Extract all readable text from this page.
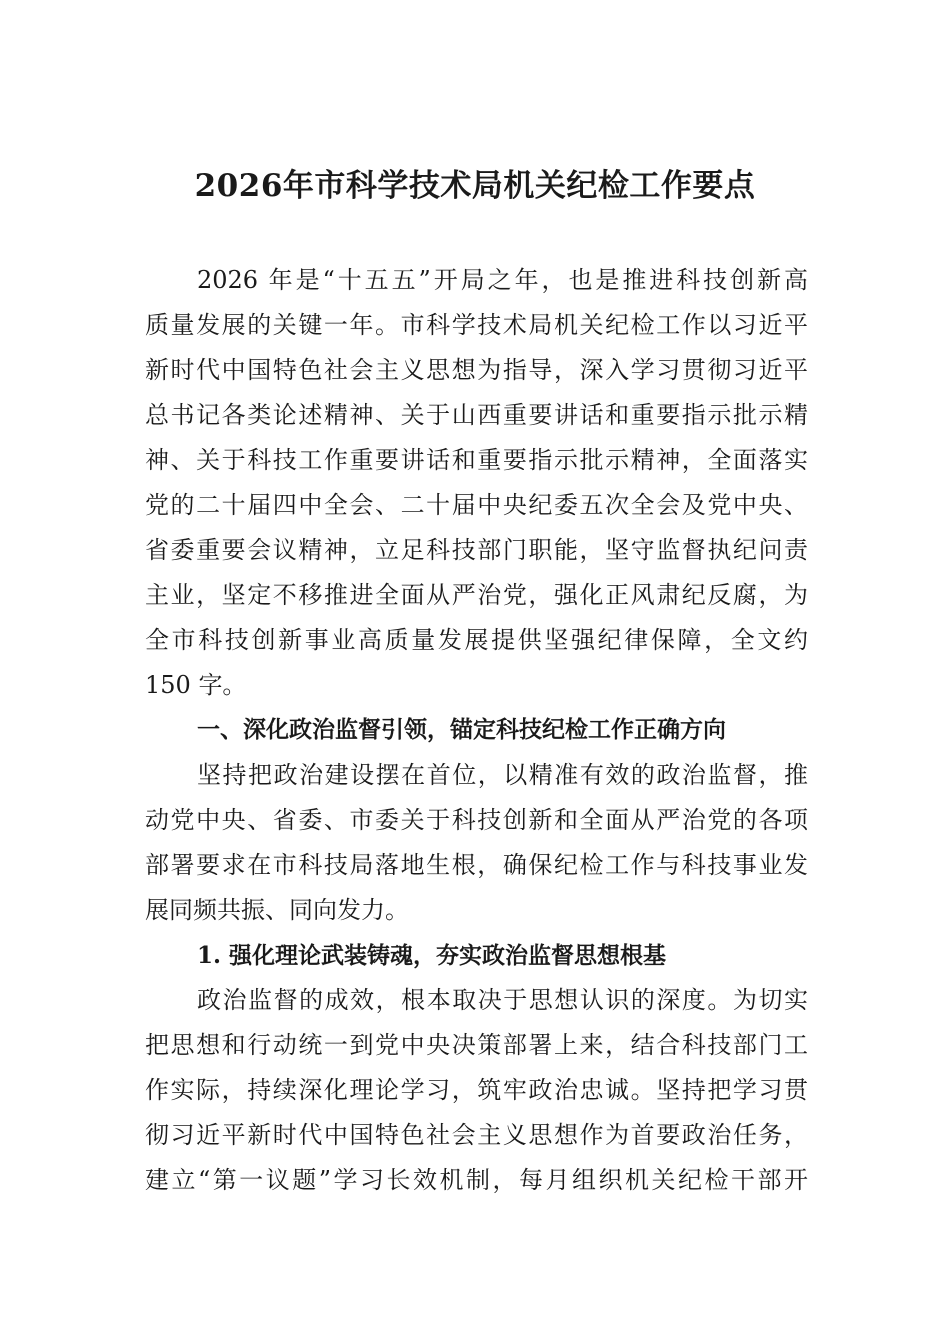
2026年市科学技术局机关纪检工作要点
2026 年是“十五五”开局之年，也是推进科技创新高
质量发展的关键一年。市科学技术局机关纪检工作以习近平
新时代中国特色社会主义思想为指导，深入学习贯彻习近平
总书记各类论述精神、关于山西重要讲话和重要指示批示精
神、关于科技工作重要讲话和重要指示批示精神，全面落实
党的二十届四中全会、二十届中央纪委五次全会及党中央、
省委重要会议精神，立足科技部门职能，坚守监督执纪问责
主业，坚定不移推进全面从严治党，强化正风肃纪反腐，为
全市科技创新事业高质量发展提供坚强纪律保障，全文约
150 字。
一、深化政治监督引领，锚定科技纪检工作正确方向
坚持把政治建设摆在首位，以精准有效的政治监督，推
动党中央、省委、市委关于科技创新和全面从严治党的各项
部署要求在市科技局落地生根，确保纪检工作与科技事业发
展同频共振、同向发力。
1. 强化理论武装铸魂，夯实政治监督思想根基
政治监督的成效，根本取决于思想认识的深度。为切实
把思想和行动统一到党中央决策部署上来，结合科技部门工
作实际，持续深化理论学习，筑牢政治忠诚。坚持把学习贯
彻习近平新时代中国特色社会主义思想作为首要政治任务，
建立“第一议题”学习长效机制，每月组织机关纪检干部开
